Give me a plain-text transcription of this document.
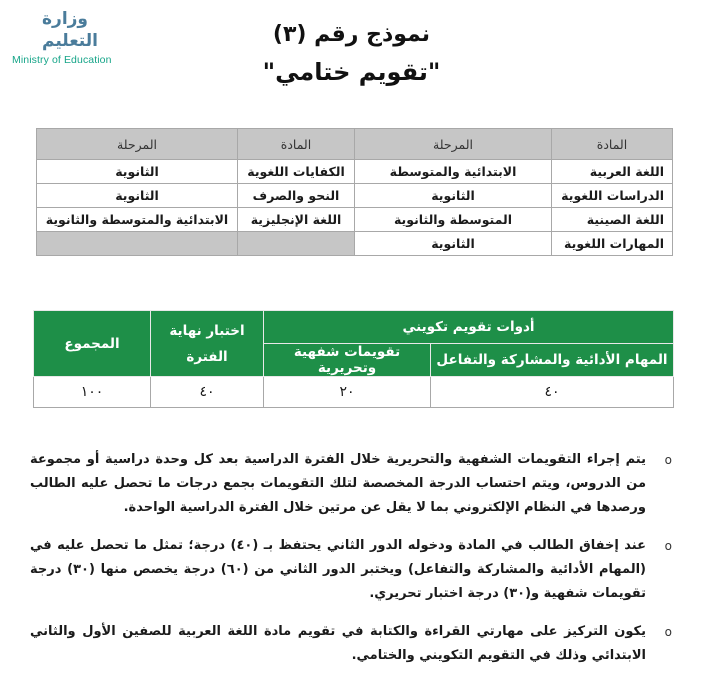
وزارة التعليم
Ministry of Education
نموذج رقم (٣)
"تقويم ختامي"
المادة	المرحلة	المادة	المرحلة
اللغة العربية	الابتدائية والمتوسطة	الكفايات اللغوية	الثانوية
الدراسات اللغوية	الثانوية	النحو والصرف	الثانوية
اللغة الصينية	المتوسطة والثانوية	اللغة الإنجليزية	الابتدائية والمتوسطة والثانوية
المهارات اللغوية	الثانوية		
أدوات تقويم تكويني		اختبار نهاية الفترة	المجموع
المهام الأدائية والمشاركة والتفاعل	تقويمات شفهية وتحريرية		
٤٠	٢٠	٤٠	١٠٠
o
يتم إجراء التقويمات الشفهية والتحريرية خلال الفترة الدراسية بعد كل وحدة دراسية أو مجموعة من الدروس، ويتم احتساب الدرجة المخصصة لتلك التقويمات بجمع درجات ما تحصل عليه الطالب ورصدها في النظام الإلكتروني بما لا يقل عن مرتين خلال الفترة الدراسية الواحدة.
o
عند إخفاق الطالب في المادة ودخوله الدور الثاني يحتفظ بـ (٤٠) درجة؛ تمثل ما تحصل عليه في (المهام الأدائية والمشاركة والتفاعل) ويختبر الدور الثاني من (٦٠) درجة يخصص منها (٣٠) درجة تقويمات شفهية و(٣٠) درجة اختبار تحريري.
o
يكون التركيز على مهارتي القراءة والكتابة في تقويم مادة اللغة العربية للصفين الأول والثاني الابتدائي وذلك في التقويم التكويني والختامي.
